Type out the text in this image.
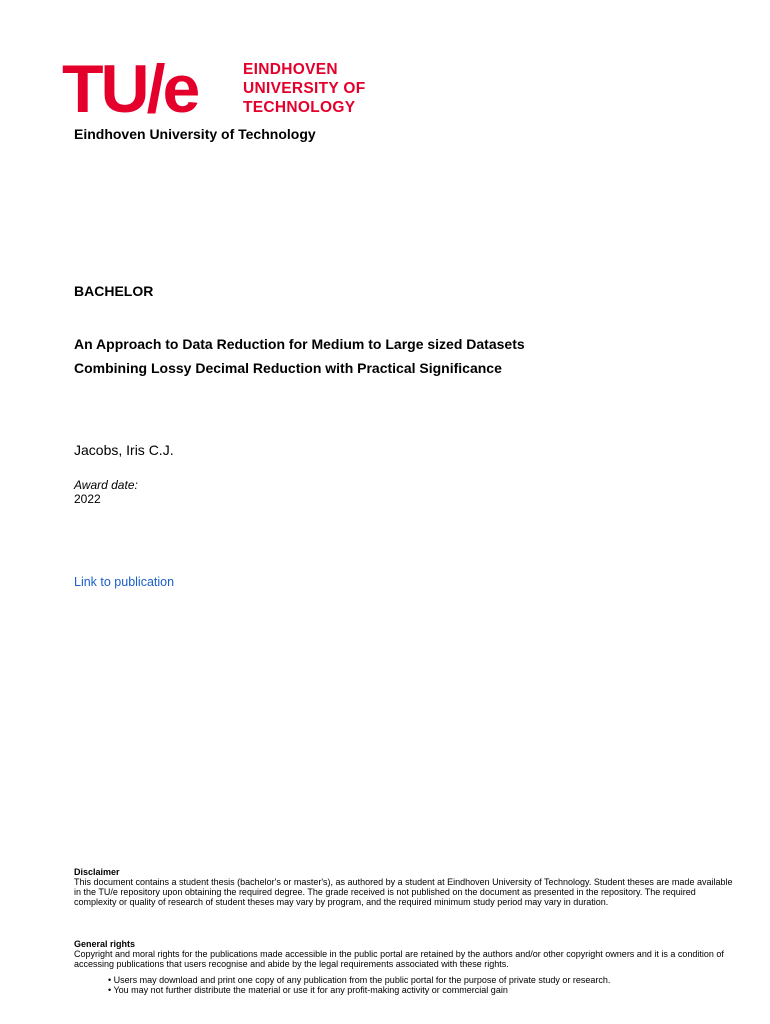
TU/e	EINDHOVEN
UNIVERSITY OF
TECHNOLOGY
Eindhoven University of Technology
BACHELOR
An Approach to Data Reduction for Medium to Large sized Datasets
Combining Lossy Decimal Reduction with Practical Significance
Jacobs, Iris C.J.
Award date:
2022
Link to publication
Disclaimer
This document contains a student thesis (bachelor's or master's), as authored by a student at Eindhoven University of Technology. Student theses are made available in the TU/e repository upon obtaining the required degree. The grade received is not published on the document as presented in the repository. The required complexity or quality of research of student theses may vary by program, and the required minimum study period may vary in duration.
General rights
Copyright and moral rights for the publications made accessible in the public portal are retained by the authors and/or other copyright owners and it is a condition of accessing publications that users recognise and abide by the legal requirements associated with these rights.
• Users may download and print one copy of any publication from the public portal for the purpose of private study or research.
• You may not further distribute the material or use it for any profit-making activity or commercial gain
